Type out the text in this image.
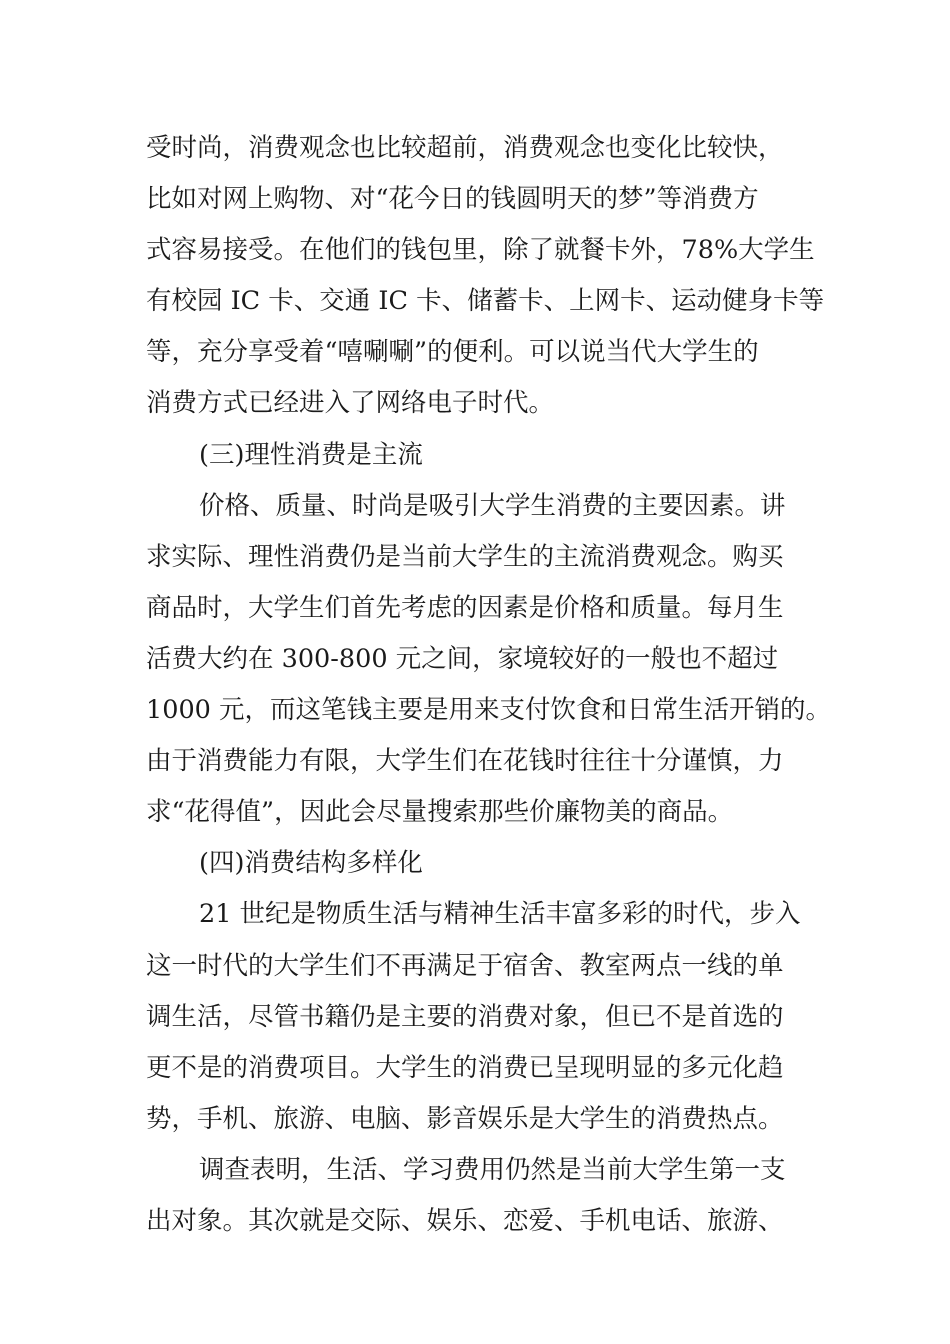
受时尚，消费观念也比较超前，消费观念也变化比较快，
比如对网上购物、对“花今日的钱圆明天的梦”等消费方
式容易接受。在他们的钱包里，除了就餐卡外，78%大学生
有校园 IC 卡、交通 IC 卡、储蓄卡、上网卡、运动健身卡等
等，充分享受着“嘻唰唰”的便利。可以说当代大学生的
消费方式已经进入了网络电子时代。
(三)理性消费是主流
价格、质量、时尚是吸引大学生消费的主要因素。讲
求实际、理性消费仍是当前大学生的主流消费观念。购买
商品时，大学生们首先考虑的因素是价格和质量。每月生
活费大约在 300-800 元之间，家境较好的一般也不超过
1000 元，而这笔钱主要是用来支付饮食和日常生活开销的。
由于消费能力有限，大学生们在花钱时往往十分谨慎，力
求“花得值”，因此会尽量搜索那些价廉物美的商品。
(四)消费结构多样化
21 世纪是物质生活与精神生活丰富多彩的时代，步入
这一时代的大学生们不再满足于宿舍、教室两点一线的单
调生活，尽管书籍仍是主要的消费对象，但已不是首选的
更不是的消费项目。大学生的消费已呈现明显的多元化趋
势，手机、旅游、电脑、影音娱乐是大学生的消费热点。
调查表明，生活、学习费用仍然是当前大学生第一支
出对象。其次就是交际、娱乐、恋爱、手机电话、旅游、
